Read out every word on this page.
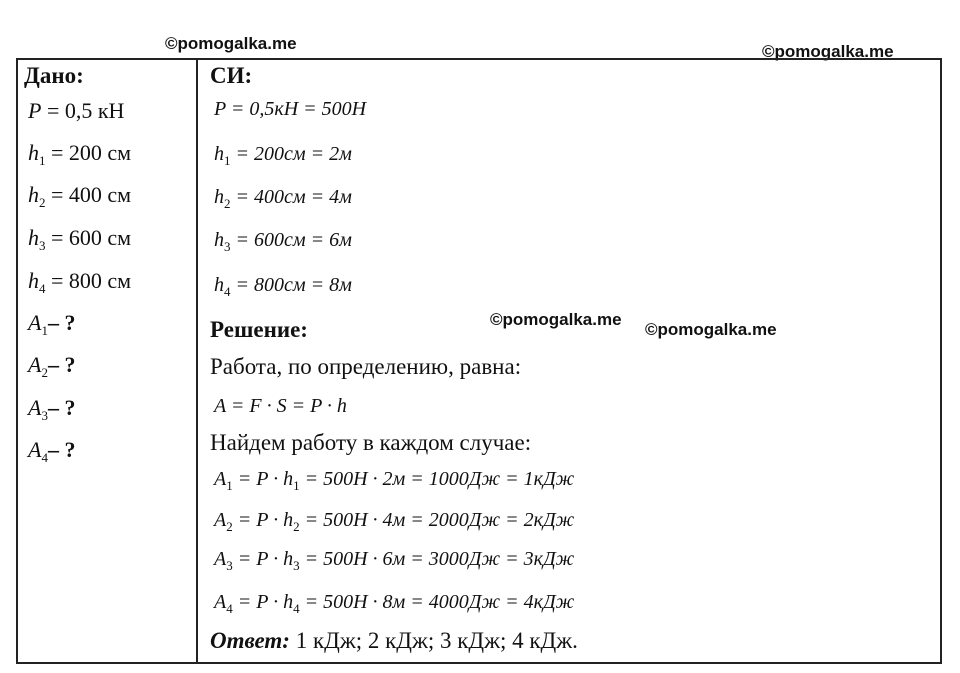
©pomogalka.me	©pomogalka.me
©pomogalka.me
©pomogalka.me
Дано:
P = 0,5 кН
$h_1 = 200$ см
$h_2 = 400$ см
$h_3 = 600$ см
$h_4 = 800$ см
$A_1-$ ?
$A_2-$ ?
$A_3-$ ?
$A_4-$ ?
СИ:
P = 0,5кН = 500Н
$h_1 = 200см = 2м$
$h_2 = 400см = 4м$
$h_3 = 600см = 6м$
$h_4 = 800см = 8м$
Решение:
Работа, по определению, равна:
A = F · S = P · h
Найдем работу в каждом случае:
$A_1 = P \cdot h_1 = 500Н \cdot 2м = 1000Дж = 1кДж$
$A_2 = P \cdot h_2 = 500Н \cdot 4м = 2000Дж = 2кДж$
$A_3 = P \cdot h_3 = 500Н \cdot 6м = 3000Дж = 3кДж$
$A_4 = P \cdot h_4 = 500Н \cdot 8м = 4000Дж = 4кДж$
Ответ: 1 кДж; 2 кДж; 3 кДж; 4 кДж.
